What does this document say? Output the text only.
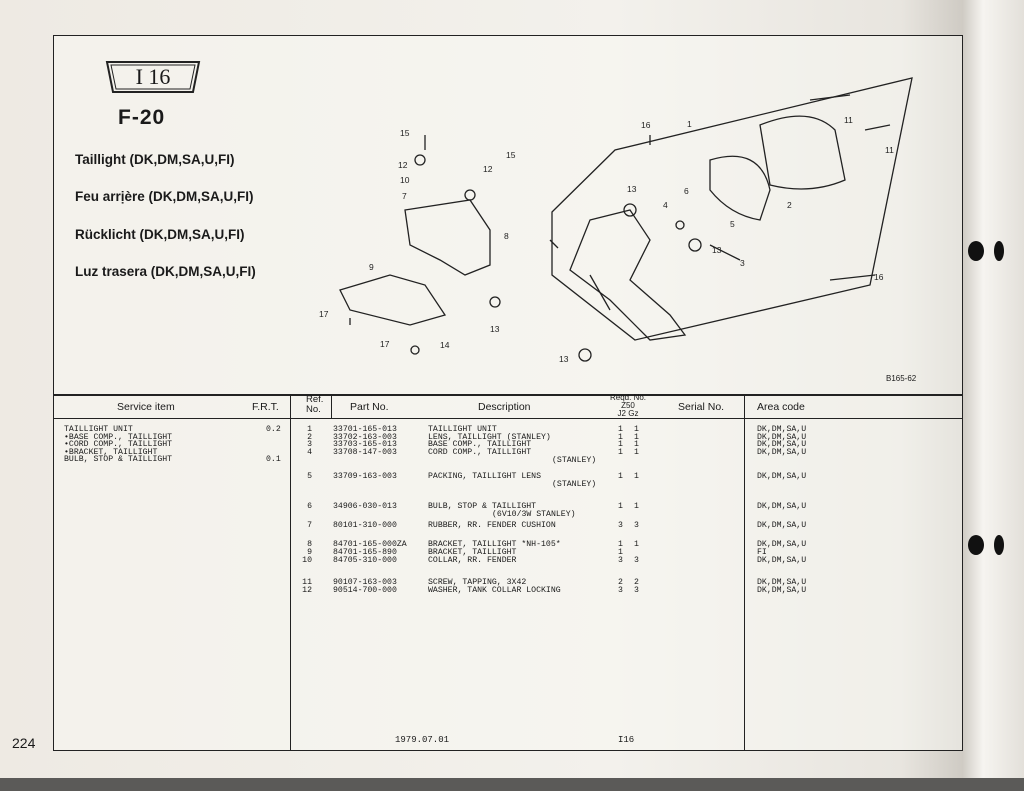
224
I 16
F-20
Taillight (DK,DM,SA,U,FI)
Feu arrịère (DK,DM,SA,U,FI)
Rücklicht (DK,DM,SA,U,FI)
Luz trasera (DK,DM,SA,U,FI)
1
2
3
4
5
6
7
8
9
10
11
11
12	12
13
13
13
13
14
15
15
16
16
17
17
B165-62
Service item	F.R.T.
Ref.
No.	Part No.	Description
Reqd. No.
Z50
J2 Gz
Serial No.	Area code
TAILLIGHT UNIT	0.2
•BASE COMP., TAILLIGHT
•CORD COMP., TAILLIGHT
•BRACKET, TAILLIGHT
BULB, STOP & TAILLIGHT	0.1
1	33701-165-013	TAILLIGHT UNIT	1 1	DK,DM,SA,U
2	33702-163-003	LENS, TAILLIGHT (STANLEY)	1 1	DK,DM,SA,U
3	33703-165-013	BASE COMP., TAILLIGHT	1 1	DK,DM,SA,U
4	33708-147-003	CORD COMP., TAILLIGHT	1 1	DK,DM,SA,U
(STANLEY)
5	33709-163-003	PACKING, TAILLIGHT LENS	1 1	DK,DM,SA,U
(STANLEY)
6	34906-030-013	BULB, STOP & TAILLIGHT	1 1	DK,DM,SA,U
(6V10/3W STANLEY)
7	80101-310-000	RUBBER, RR. FENDER CUSHION	3 3	DK,DM,SA,U
8	84701-165-000ZA	BRACKET, TAILLIGHT *NH-105*	1 1	DK,DM,SA,U
9	84701-165-890	BRACKET, TAILLIGHT	1	FI
10	84705-310-000	COLLAR, RR. FENDER	3 3	DK,DM,SA,U
11	90107-163-003	SCREW, TAPPING, 3X42	2 2	DK,DM,SA,U
12	90514-700-000	WASHER, TANK COLLAR LOCKING	3 3	DK,DM,SA,U
1979.07.01	I16
